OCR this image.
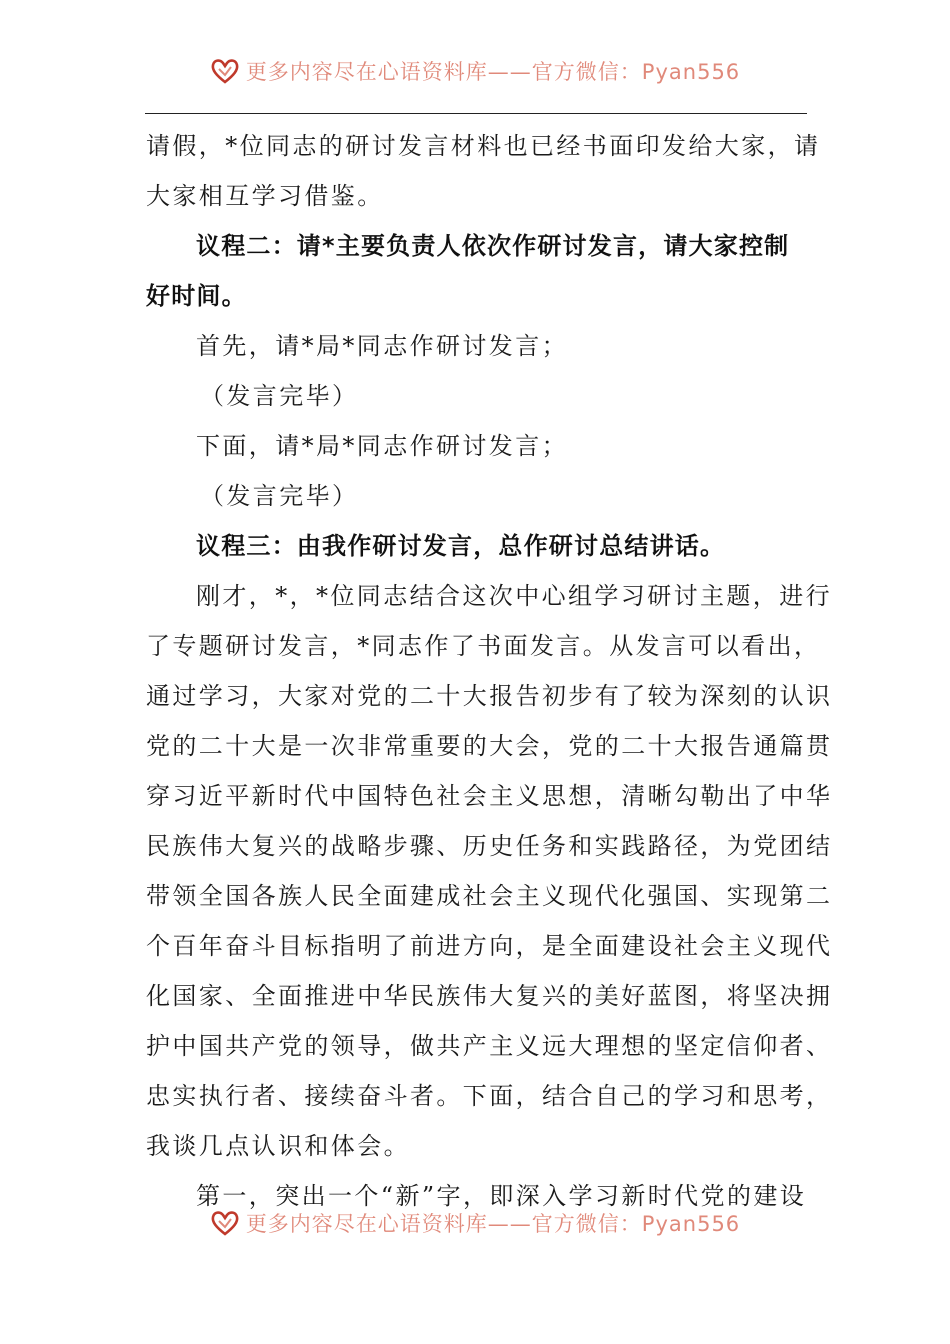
更多内容尽在心语资料库——官方微信：Pyan556
请假，*位同志的研讨发言材料也已经书面印发给大家，请
大家相互学习借鉴。
议程二：请*主要负责人依次作研讨发言，请大家控制
好时间。
首先，请*局*同志作研讨发言；
（发言完毕）
下面，请*局*同志作研讨发言；
（发言完毕）
议程三：由我作研讨发言，总作研讨总结讲话。
刚才，*，*位同志结合这次中心组学习研讨主题，进行
了专题研讨发言，*同志作了书面发言。从发言可以看出，
通过学习，大家对党的二十大报告初步有了较为深刻的认识
党的二十大是一次非常重要的大会，党的二十大报告通篇贯
穿习近平新时代中国特色社会主义思想，清晰勾勒出了中华
民族伟大复兴的战略步骤、历史任务和实践路径，为党团结
带领全国各族人民全面建成社会主义现代化强国、实现第二
个百年奋斗目标指明了前进方向，是全面建设社会主义现代
化国家、全面推进中华民族伟大复兴的美好蓝图，将坚决拥
护中国共产党的领导，做共产主义远大理想的坚定信仰者、
忠实执行者、接续奋斗者。下面，结合自己的学习和思考，
我谈几点认识和体会。
第一，突出一个“新”字，即深入学习新时代党的建设
更多内容尽在心语资料库——官方微信：Pyan556
